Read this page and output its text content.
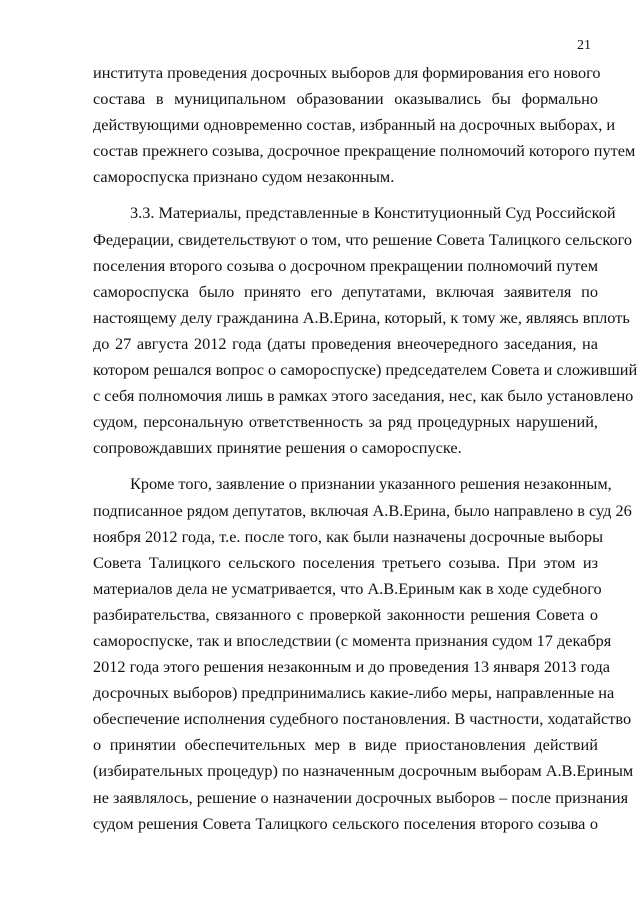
21
института проведения досрочных выборов для формирования его нового
состава в муниципальном образовании оказывались бы формально
действующими одновременно состав, избранный на досрочных выборах, и
состав прежнего созыва, досрочное прекращение полномочий которого путем
самороспуска признано судом незаконным.
3.3. Материалы, представленные в Конституционный Суд Российской
Федерации, свидетельствуют о том, что решение Совета Талицкого сельского
поселения второго созыва о досрочном прекращении полномочий путем
самороспуска было принято его депутатами, включая заявителя по
настоящему делу гражданина А.В.Ерина, который, к тому же, являясь вплоть
до 27 августа 2012 года (даты проведения внеочередного заседания, на
котором решался вопрос о самороспуске) председателем Совета и сложивший
с себя полномочия лишь в рамках этого заседания, нес, как было установлено
судом, персональную ответственность за ряд процедурных нарушений,
сопровождавших принятие решения о самороспуске.
Кроме того, заявление о признании указанного решения незаконным,
подписанное рядом депутатов, включая А.В.Ерина, было направлено в суд 26
ноября 2012 года, т.е. после того, как были назначены досрочные выборы
Совета Талицкого сельского поселения третьего созыва. При этом из
материалов дела не усматривается, что А.В.Ериным как в ходе судебного
разбирательства, связанного с проверкой законности решения Совета о
самороспуске, так и впоследствии (с момента признания судом 17 декабря
2012 года этого решения незаконным и до проведения 13 января 2013 года
досрочных выборов) предпринимались какие-либо меры, направленные на
обеспечение исполнения судебного постановления. В частности, ходатайство
о принятии обеспечительных мер в виде приостановления действий
(избирательных процедур) по назначенным досрочным выборам А.В.Ериным
не заявлялось, решение о назначении досрочных выборов – после признания
судом решения Совета Талицкого сельского поселения второго созыва о
